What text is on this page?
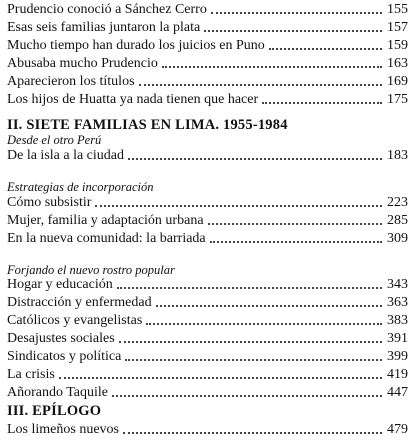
Prudencio conoció a Sánchez Cerro	155
Esas seis familias juntaron la plata	157
Mucho tiempo han durado los juicios en Puno	159
Abusaba mucho Prudencio	163
Aparecieron los títulos	169
Los hijos de Huatta ya nada tienen que hacer	175
II. SIETE FAMILIAS EN LIMA. 1955-1984
Desde el otro Perú
De la isla a la ciudad	183
Estrategias de incorporación
Cómo subsistir	223
Mujer, familia y adaptación urbana	285
En la nueva comunidad: la barriada	309
Forjando el nuevo rostro popular
Hogar y educación	343
Distracción y enfermedad	363
Católicos y evangelistas	383
Desajustes sociales	391
Sindicatos y política	399
La crisis	419
Añorando Taquile	447
III. EPÍLOGO
Los limeños nuevos	479
